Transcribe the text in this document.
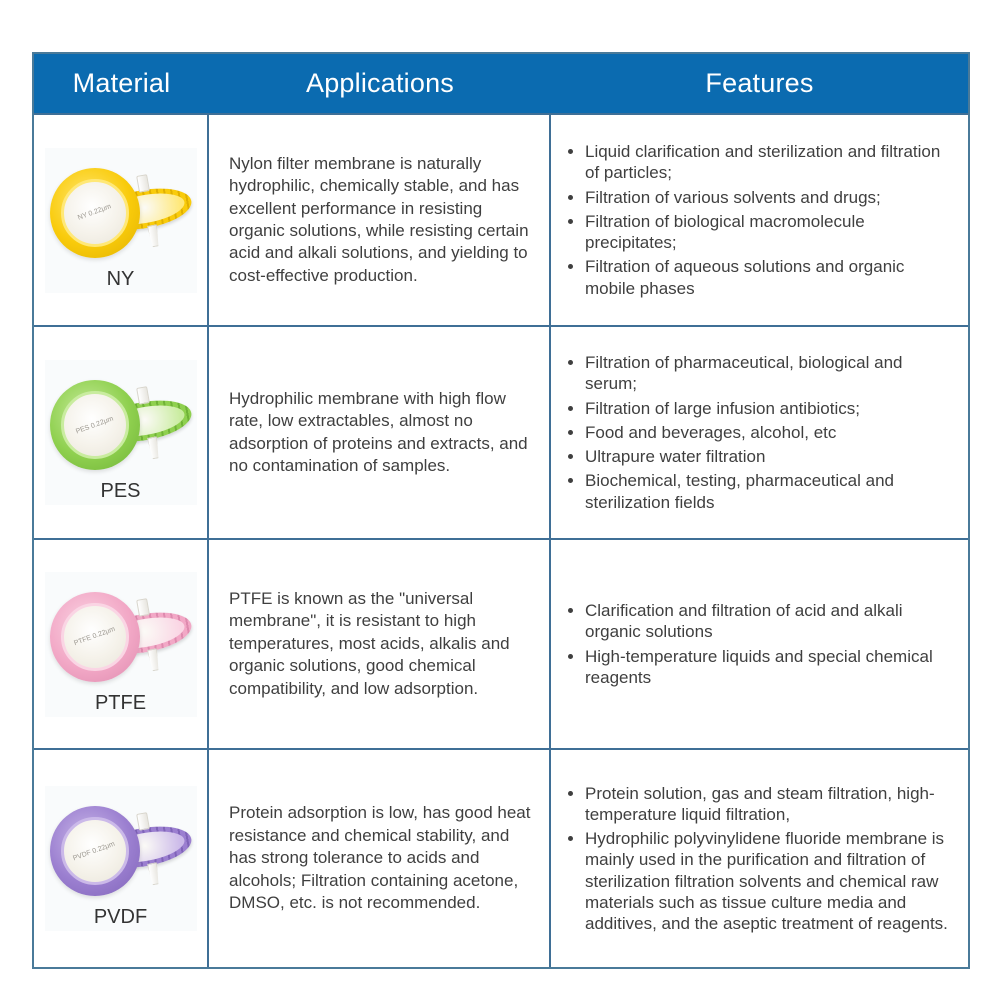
Material	Applications	Features
NY 0.22μm
NY
Nylon filter membrane is naturally hydrophilic, chemically stable, and has excellent performance in resisting organic solutions, while resisting certain acid and alkali solutions, and yielding to cost-effective production.
• Liquid clarification and sterilization and filtration of particles;
• Filtration of various solvents and drugs;
• Filtration of biological macromolecule precipitates;
• Filtration of aqueous solutions and organic mobile phases
PES 0.22μm
PES
Hydrophilic membrane with high flow rate, low extractables, almost no adsorption of proteins and extracts, and no contamination of samples.
• Filtration of pharmaceutical, biological and serum;
• Filtration of large infusion antibiotics;
• Food and beverages, alcohol, etc
• Ultrapure water filtration
• Biochemical, testing, pharmaceutical and sterilization fields
PTFE 0.22μm
PTFE
PTFE is known as the "universal membrane", it is resistant to high temperatures, most acids, alkalis and organic solutions, good chemical compatibility, and low adsorption.
• Clarification and filtration of acid and alkali organic solutions
• High-temperature liquids and special chemical reagents
PVDF 0.22μm
PVDF
Protein adsorption is low, has good heat resistance and chemical stability, and has strong tolerance to acids and alcohols; Filtration containing acetone, DMSO, etc. is not recommended.
• Protein solution, gas and steam filtration, high-temperature liquid filtration,
• Hydrophilic polyvinylidene fluoride membrane is mainly used in the purification and filtration of sterilization filtration solvents and chemical raw materials such as tissue culture media and additives, and the aseptic treatment of reagents.
